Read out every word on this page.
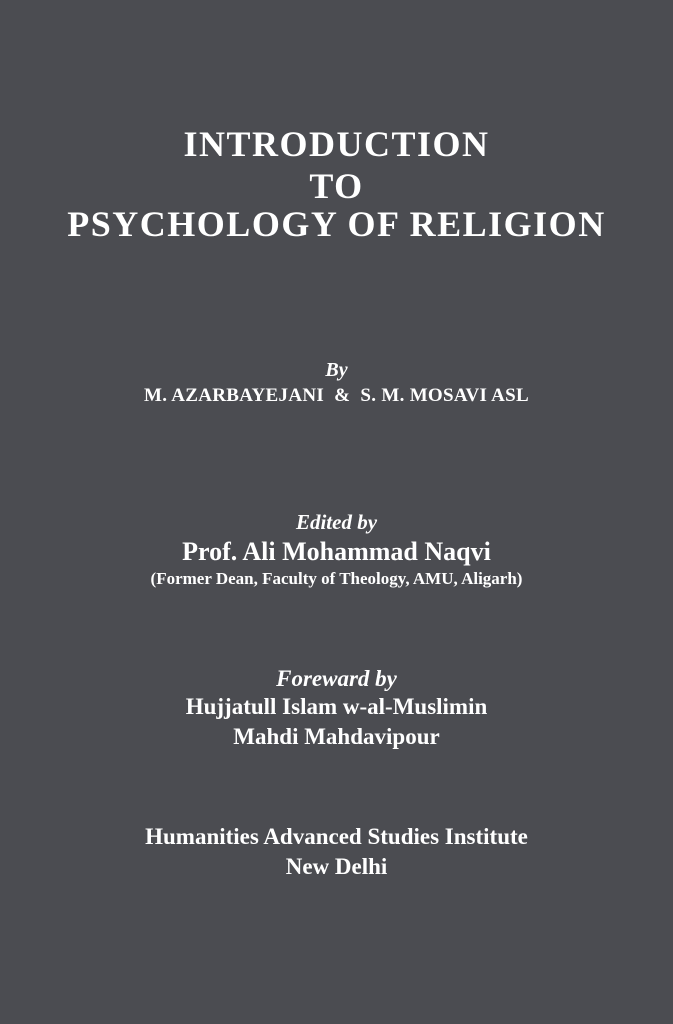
INTRODUCTION
TO
PSYCHOLOGY OF RELIGION
By
M. AZARBAYEJANI  &  S. M. MOSAVI ASL
Edited by
Prof. Ali Mohammad Naqvi
(Former Dean, Faculty of Theology, AMU, Aligarh)
Foreward by
Hujjatull Islam w-al-Muslimin
Mahdi Mahdavipour
Humanities Advanced Studies Institute
New Delhi
